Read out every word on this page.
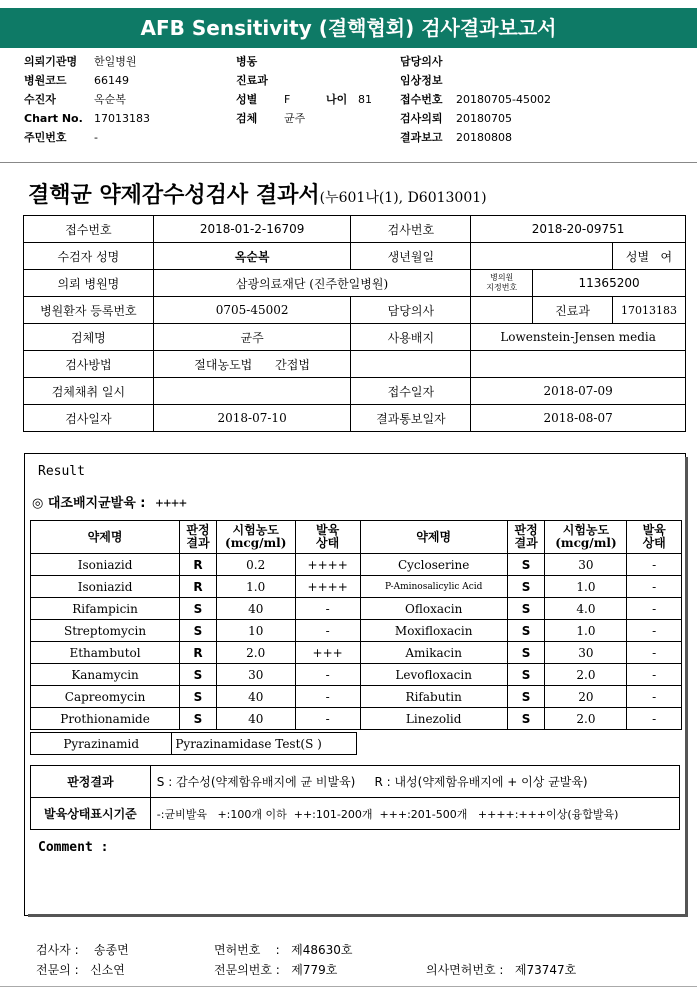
AFB Sensitivity (결핵협회) 검사결과보고서
의뢰기관명 한일병원
병원코드 66149
수진자	옥순복
Chart No. 17013183
주민번호 -
병동
진료과
성별 F	나이 81
검체 균주
담당의사
임상정보
접수번호 20180705-45002
검사의뢰 20180705
결과보고 20180808
결핵균 약제감수성검사 결과서(누601나(1), D6013001)
접수번호	2018-01-2-16709	검사번호	2018-20-09751		
수검자 성명	옥순복	생년월일			성별 여
의뢰 병원명	삼광의료재단 (진주한일병원)		병의원
지정번호	11365200	
병원환자 등록번호	0705-45002	담당의사		진료과	17013183
검체명	균주	사용배지	Lowenstein-Jensen media		
검사방법	절대농도법 간접법				
검체채취 일시		접수일자	2018-07-09		
검사일자	2018-07-10	결과통보일자	2018-08-07		
Result
◎ 대조배지균발육 : ++++
약제명	판정
결과	시험농도
(mcg/ml)	발육
상태	약제명	판정
결과	시험농도
(mcg/ml)	발육
상태
Isoniazid	R	0.2	++++	Cycloserine	S	30	-
Isoniazid	R	1.0	++++	P-Aminosalicylic Acid	S	1.0	-
Rifampicin	S	40	-	Ofloxacin	S	4.0	-
Streptomycin	S	10	-	Moxifloxacin	S	1.0	-
Ethambutol	R	2.0	+++	Amikacin	S	30	-
Kanamycin	S	30	-	Levofloxacin	S	2.0	-
Capreomycin	S	40	-	Rifabutin	S	20	-
Prothionamide	S	40	-	Linezolid	S	2.0	-
Pyrazinamid	Pyrazinamidase Test(S )
판정결과	S : 감수성(약제함유배지에 균 비발육) R : 내성(약제함유배지에 + 이상 균발육)
발육상태표시기준	-:균비발육   +:100개 이하  ++:101-200개  +++:201-500개   ++++:+++이상(융합발육)
Comment :
검사자 : 송종면	면허번호    :   제48630호
전문의 : 신소연	전문의번호 : 제779호	의사면허번호 : 제73747호
